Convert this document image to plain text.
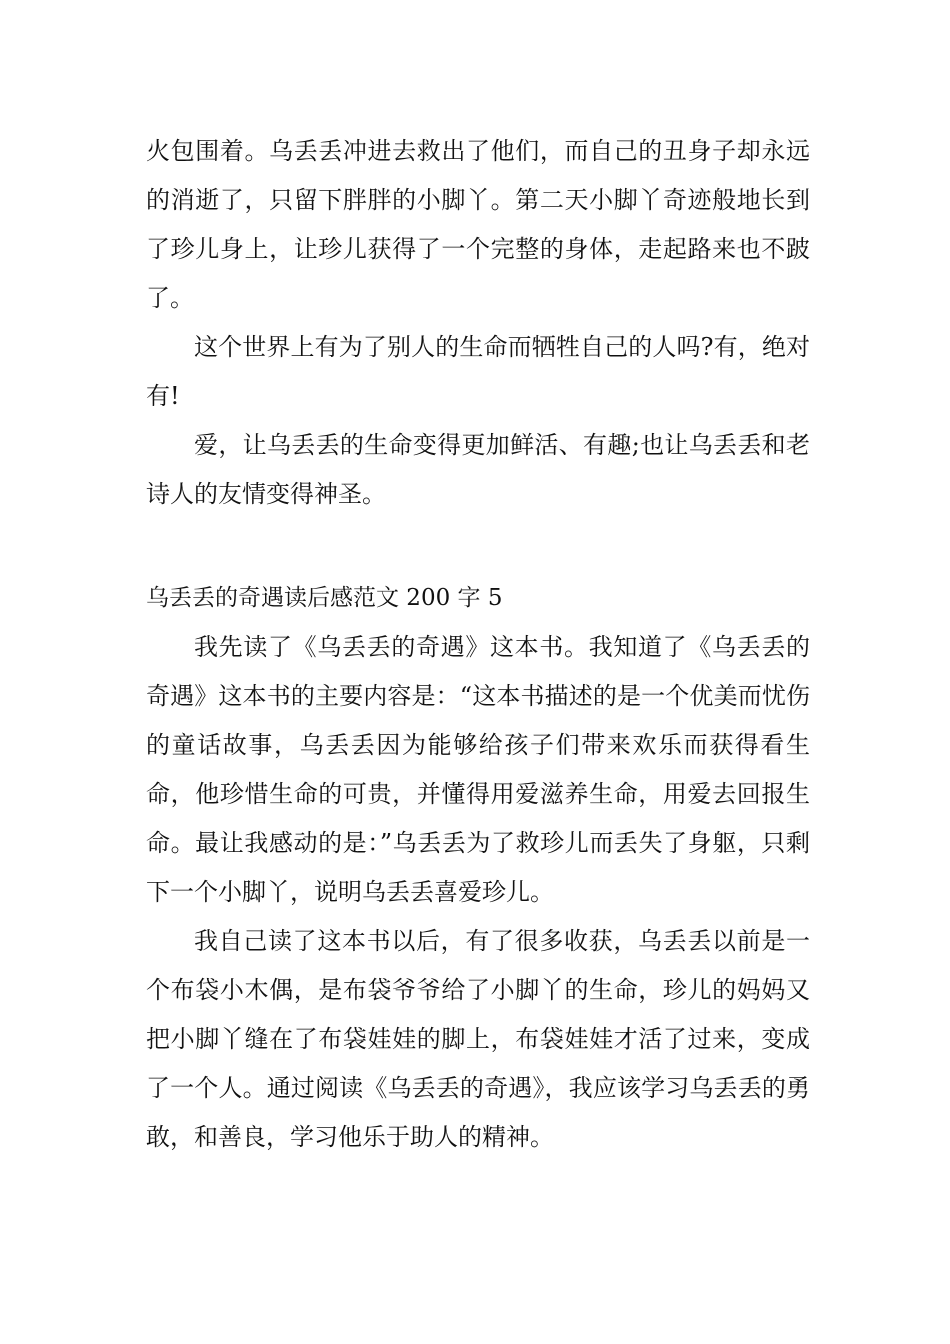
火包围着。乌丢丢冲进去救出了他们，而自己的丑身子却永远的消逝了，只留下胖胖的小脚丫。第二天小脚丫奇迹般地长到了珍儿身上，让珍儿获得了一个完整的身体，走起路来也不跛了。

这个世界上有为了别人的生命而牺牲自己的人吗?有，绝对有!

爱，让乌丢丢的生命变得更加鲜活、有趣;也让乌丢丢和老诗人的友情变得神圣。

乌丢丢的奇遇读后感范文 200 字 5

我先读了《乌丢丢的奇遇》这本书。我知道了《乌丢丢的奇遇》这本书的主要内容是：“这本书描述的是一个优美而忧伤的童话故事，乌丢丢因为能够给孩子们带来欢乐而获得看生命，他珍惜生命的可贵，并懂得用爱滋养生命，用爱去回报生命。最让我感动的是：”乌丢丢为了救珍儿而丢失了身躯，只剩下一个小脚丫，说明乌丢丢喜爱珍儿。

我自己读了这本书以后，有了很多收获，乌丢丢以前是一个布袋小木偶，是布袋爷爷给了小脚丫的生命，珍儿的妈妈又把小脚丫缝在了布袋娃娃的脚上，布袋娃娃才活了过来，变成了一个人。通过阅读《乌丢丢的奇遇》，我应该学习乌丢丢的勇敢，和善良，学习他乐于助人的精神。
